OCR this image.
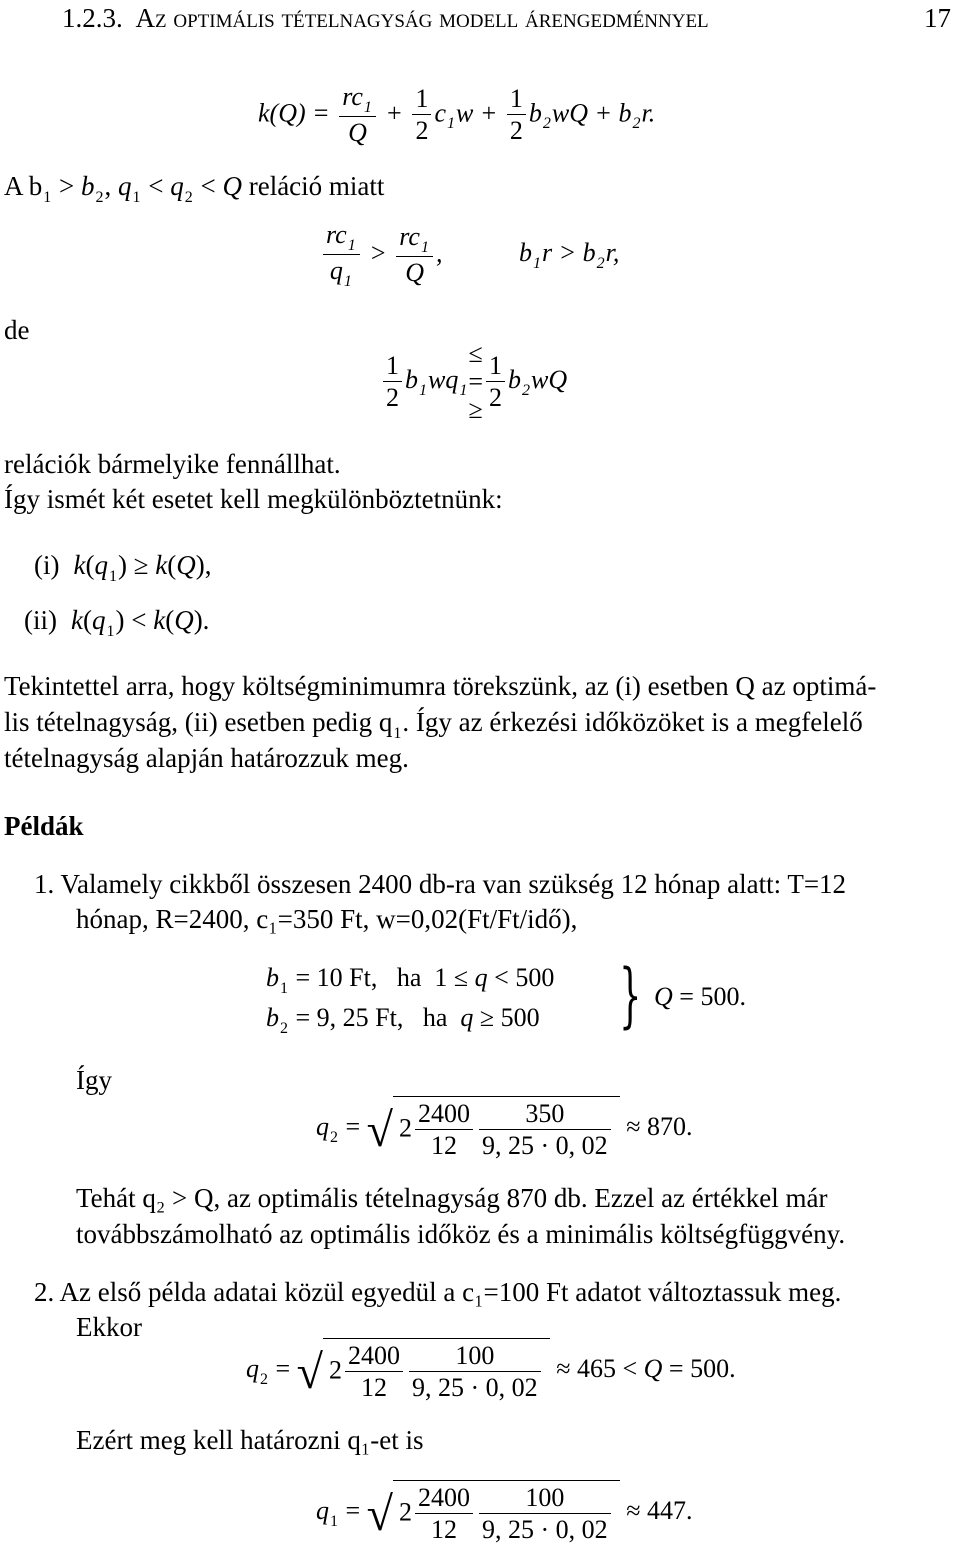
1.2.3. Az optimális tételnagyság modell árengedménnyel	17
$k(Q) = \frac{rc_1}{Q} + \frac{1}{2} c_1w + \frac{1}{2} b_2wQ + b_2r$.
A $b_1 > b_2$, $q_1 < q_2 < Q$ reláció miatt
$\frac{rc_1}{q_1} > \frac{rc_1}{Q}$ ,	$b_1r > b_2r$,
de
$\frac{1}{2} b_1wq_1\le$
=
≥ $\frac{1}{2} b_2wQ$
relációk bármelyike fennállhat.
Így ismét két esetet kell megkülönböztetnünk:
(i) $k(q_1) \ge k(Q)$,
(ii) $k(q_1) < k(Q)$.
Tekintettel arra, hogy költségminimumra törekszünk, az (i) esetben Q az optimá-
lis tételnagyság, (ii) esetben pedig $q_1$. Így az érkezési időközöket is a megfelelő
tételnagyság alapján határozzuk meg.
Példák
1. Valamely cikkből összesen 2400 db-ra van szükség 12 hónap alatt: T=12
hónap, R=2400, c₁=350 Ft, w=0,02(Ft/Ft/idő),
$b_1 = 10$ Ft,   ha  1 ≤ q < 500
$b_2 = 9$, 25 Ft,   ha  q ≥ 500 } Q = 500.
Így
$q_2$ = √ $2 \frac{2400}{12} \frac{350}{9, 25 \cdot 0, 02} \approx 870$.
Tehát q₂ > Q, az optimális tételnagyság 870 db. Ezzel az értékkel már
továbbszámolható az optimális időköz és a minimális költségfüggvény.
2. Az első példa adatai közül egyedül a c₁=100 Ft adatot változtassuk meg.
Ekkor
$q_2$ = √ $2 \frac{2400}{12} \frac{100}{9, 25 \cdot 0, 02} \approx 465 < Q = 500$.
Ezért meg kell határozni q₁-et is
$q_1$ = √ $2 \frac{2400}{12} \frac{100}{9, 25 \cdot 0, 02} \approx 447$.
